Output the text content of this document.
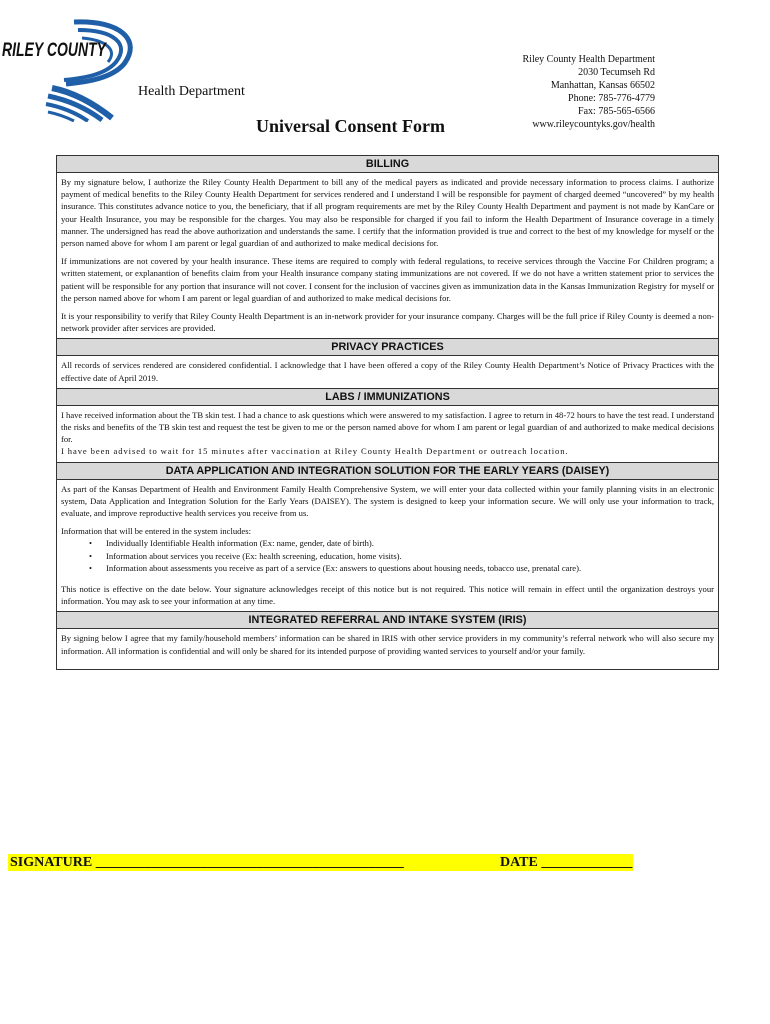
RILEY COUNTY
Health Department
Universal Consent Form
Riley County Health Department
2030 Tecumseh Rd
Manhattan, Kansas 66502
Phone: 785-776-4779
Fax: 785-565-6566
www.rileycountyks.gov/health
BILLING

By my signature below, I authorize the Riley County Health Department to bill any of the medical payers as indicated and provide necessary information to process claims. I authorize payment of medical benefits to the Riley County Health Department for services rendered and I understand I will be responsible for payment of charged deemed “uncovered” by my health insurance. This constitutes advance notice to you, the beneficiary, that if all program requirements are met by the Riley County Health Department and payment is not made by KanCare or your Health Insurance, you may be responsible for the charges. You may also be responsible for charged if you fail to inform the Health Department of Insurance coverage in a timely manner. The undersigned has read the above authorization and understands the same. I certify that the information provided is true and correct to the best of my knowledge for myself or the person named above for whom I am parent or legal guardian of and authorized to make medical decisions for.

If immunizations are not covered by your health insurance. These items are required to comply with federal regulations, to receive services through the Vaccine For Children program; a written statement, or explanantion of benefits claim from your Health insurance company stating immunizations are not covered. If we do not have a written statement prior to services the patient will be responsible for any portion that insurance will not cover. I consent for the inclusion of vaccines given as immunization data in the Kansas Immunization Registry for myself or the person named above for whom I am parent or legal guardian of and authorized to make medical decisions for.

It is your responsibility to verify that Riley County Health Department is an in-network provider for your insurance company. Charges will be the full price if Riley County is deemed a non-network provider after services are provided.

PRIVACY PRACTICES

All records of services rendered are considered confidential. I acknowledge that I have been offered a copy of the Riley County Health Department’s Notice of Privacy Practices with the effective date of April 2019.

LABS / IMMUNIZATIONS

I have received information about the TB skin test. I had a chance to ask questions which were answered to my satisfaction. I agree to return in 48-72 hours to have the test read. I understand the risks and benefits of the TB skin test and request the test be given to me or the person named above for whom I am parent or legal guardian of and authorized to make medical decisions for.

I have been advised to wait for 15 minutes after vaccination at Riley County Health Department or outreach location.

DATA APPLICATION AND INTEGRATION SOLUTION FOR THE EARLY YEARS (DAISEY)

As part of the Kansas Department of Health and Environment Family Health Comprehensive System, we will enter your data collected within your family planning visits in an electronic system, Data Application and Integration Solution for the Early Years (DAISEY). The system is designed to keep your information secure. We will only use your information to track, evaluate, and improve reproductive health services you receive from us.

Information that will be entered in the system includes:

• Individually Identifiable Health information (Ex: name, gender, date of birth).
• Information about services you receive (Ex: health screening, education, home visits).
• Information about assessments you receive as part of a service (Ex: answers to questions about housing needs, tobacco use, prenatal care).

This notice is effective on the date below. Your signature acknowledges receipt of this notice but is not required. This notice will remain in effect until the organization destroys your information. You may ask to see your information at any time.

INTEGRATED REFERRAL AND INTAKE SYSTEM (IRIS)

By signing below I agree that my family/household members’ information can be shared in IRIS with other service providers in my community’s referral network who will also secure my information. All information is confidential and will only be shared for its intended purpose of providing wanted services to yourself and/or your family.

SIGNATURE ____________________________________________	DATE _____________
